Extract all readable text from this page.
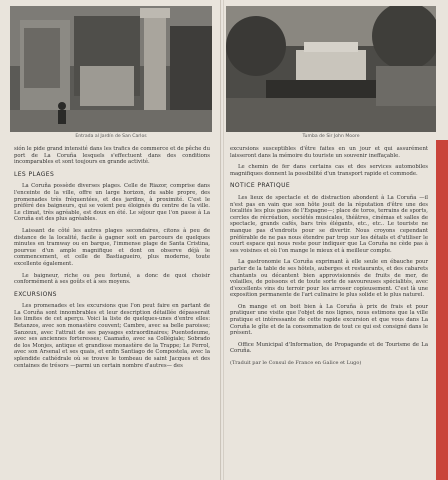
Entrada al Jardín de San Carlos	Tumba de Sir John Moore

sión le pide grand intensité dans les trafics de commerce et de pêche du port de La Coruña lesquels s'effectuent dans des conditions incomparables et sont toujours en grande activité.

LES PLAGES

La Coruña possède diverses plages. Celle de Riazor, comprise dans l'enceinte de la ville, offre un large horizon, du sable propre, des promenades très fréquentées, et des jardins, à proximité. C'est le préféré des baigneurs, qui se voient peu éloignés du centre de la ville. Le climat, très agréable, est doux en été. Le séjour que l'on passe à La Coruña est des plus agréables.

Laissant de côté les autres plages secondaires, citons à peu de distance de la localité, facile à gagner soit en parcours de quelques minutes en tramway ou en barque, l'immense plage de Santa Cristina, pourvue d'un ample magnifique et dont on observe déjà le commencement, et celle de Bastiagueiro, plus moderne, toute excellente également.

Le baigneur, riche ou peu fortuné, a donc de quoi choisir conformément à ses goûts et à ses moyens.

EXCURSIONS

Les promenades et les excursions que l'on peut faire en partant de La Coruña sont innombrables et leur description détaillée dépasserait les limites de cet aperçu. Voici la liste de quelques-unes d'entre elles: Betanzos, avec son monastère couvent; Cambre, avec sa belle paroisse; Sanzeux, avec l'attrait de ses paysages extraordinaires; Puentedeume, avec ses anciennes forteresses; Caamaño, avec sa Collégiale; Sobrado de los Monjes, antique et grandiose monastère de la Trappe; Le Ferrol, avec son Arsenal et ses quais, et enfin Santiago de Compostela, avec la splendide cathédrale où se trouve le tombeau de saint Jacques et des centaines de trésors —parmi un certain nombre d'autres— des

excursions susceptibles d'être faites en un jour et qui assurément laisseront dans la mémoire du touriste un souvenir ineffaçable.

Le chemin de fer dans certains cas et des services automobiles magnifiques donnent la possibilité d'un transport rapide et commode.

NOTICE PRATIQUE

Les lieux de spectacle et de distraction abondent à La Coruña —il n'est pas en vain que son hôte jouit de la réputation d'être une des localités les plus gaies de l'Espagne—; place de toros, terrains de sports, cercles de récréation, sociétés musicales, théâtres, cinémas et salles de spectacle, grands cafés, bars très élégants, etc., etc.. Le touriste ne manque pas d'endroits pour se divertir. Nous croyons cependant préférable de ne pas nous étendre par trop sur les détails et d'utiliser le court espace qui nous reste pour indiquer que La Coruña ne cède pas à ses voisines et où l'on mange le mieux et à meilleur compte.

La gastronomie La Coruña exprimant à elle seule en ébauche pour parler de la table de ses hôtels, auberges et restaurants, et des cabarets chantants ou décantent bien approvisionnés de fruits de mer, de volailles, de poissons et de toute sorte de savoureuses spécialités, avec d'excellents vins du terroir pour les arroser copieusement. C'est là une exposition permanente de l'art culinaire le plus solide et le plus naturel.

On mange et on boit bien à La Coruña à prix de frais et pour pratiquer une visite que l'objet de nos lignes, nous estimons que la ville pratique et intéressante de cette rapide excursion et que vous dans La Coruña le gîte et de la consommation de tout ce qui est consigné dans le présent.

Office Municipal d'Information, de Propagande et de Tourisme de La Coruña.

(Traduit par le Consul de France en Galice et Lugo)
